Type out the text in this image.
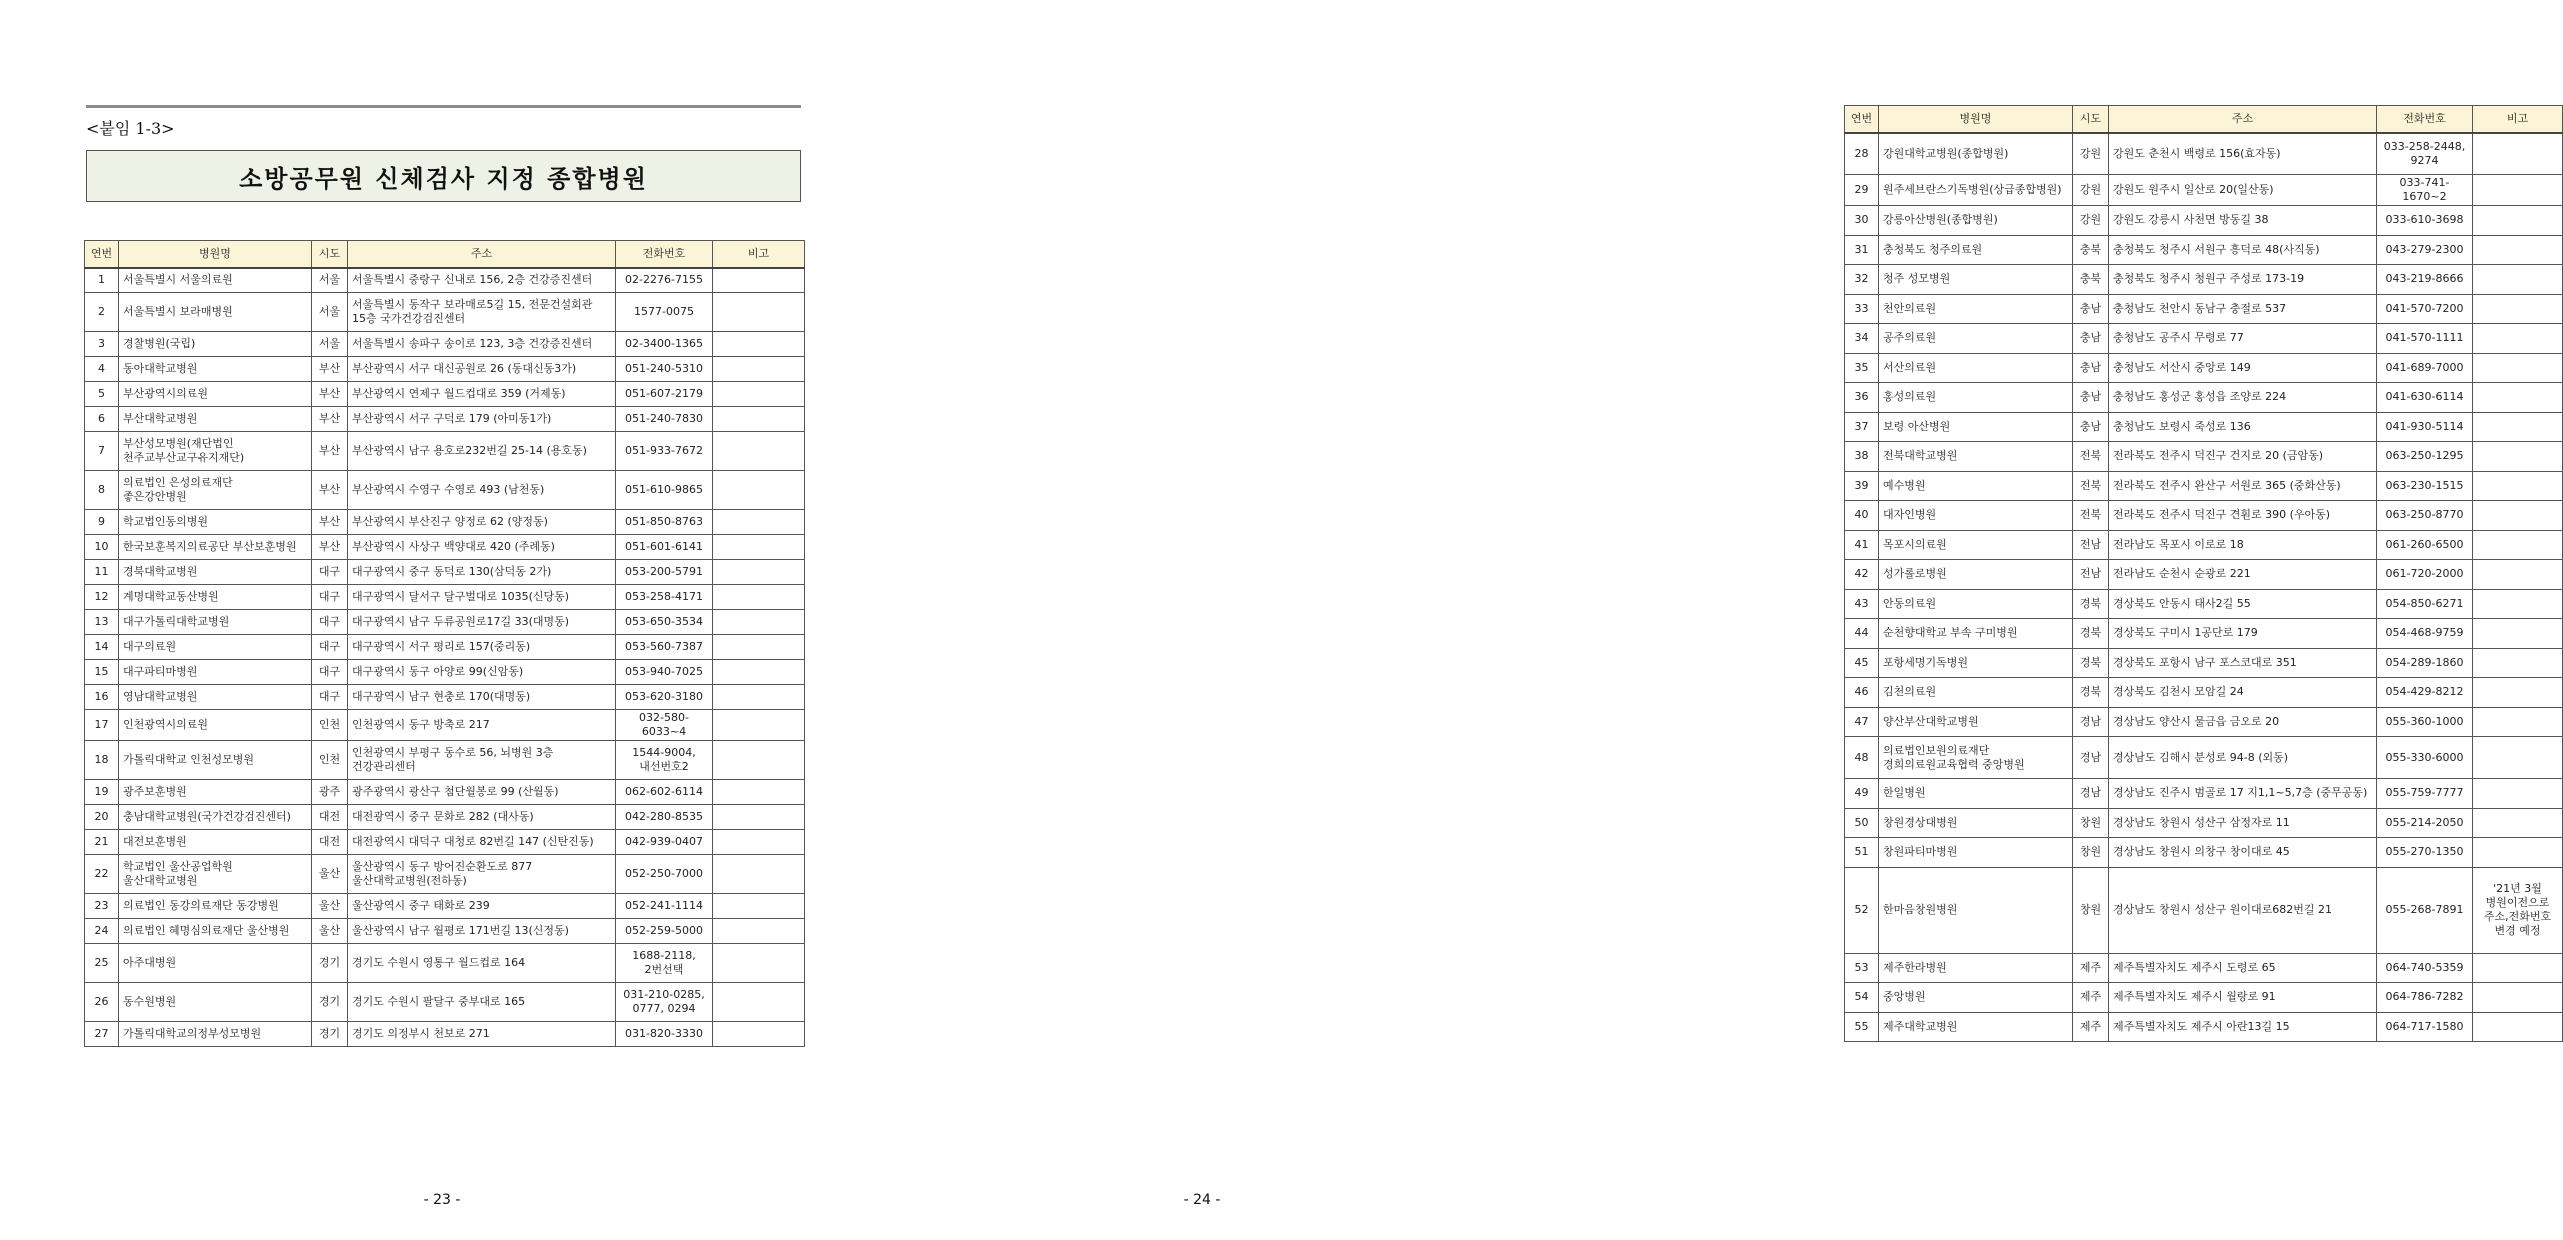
<붙임 1-3>
소방공무원 신체검사 지정 종합병원
연번	병원명	시도	주소	전화번호	비고
1	서울특별시 서울의료원	서울	서울특별시 중랑구 신내로 156, 2층 건강증진센터	02-2276-7155	
2	서울특별시 보라매병원	서울	서울특별시 동작구 보라매로5길 15, 전문건설회관
15층 국가건강검진센터	1577-0075	
3	경찰병원(국립)	서울	서울특별시 송파구 송이로 123, 3층 건강증진센터	02-3400-1365	
4	동아대학교병원	부산	부산광역시 서구 대신공원로 26 (동대신동3가)	051-240-5310	
5	부산광역시의료원	부산	부산광역시 연제구 월드컵대로 359 (거제동)	051-607-2179	
6	부산대학교병원	부산	부산광역시 서구 구덕로 179 (아미동1가)	051-240-7830	
7	부산성모병원(재단법인
천주교부산교구유지재단)	부산	부산광역시 남구 용호로232번길 25-14 (용호동)	051-933-7672	
8	의료법인 은성의료재단
좋은강안병원	부산	부산광역시 수영구 수영로 493 (남천동)	051-610-9865	
9	학교법인동의병원	부산	부산광역시 부산진구 양정로 62 (양정동)	051-850-8763	
10	한국보훈복지의료공단 부산보훈병원	부산	부산광역시 사상구 백양대로 420 (주례동)	051-601-6141	
11	경북대학교병원	대구	대구광역시 중구 동덕로 130(삼덕동 2가)	053-200-5791	
12	계명대학교동산병원	대구	대구광역시 달서구 달구벌대로 1035(신당동)	053-258-4171	
13	대구가톨릭대학교병원	대구	대구광역시 남구 두류공원로17길 33(대명동)	053-650-3534	
14	대구의료원	대구	대구광역시 서구 평리로 157(중리동)	053-560-7387	
15	대구파티마병원	대구	대구광역시 동구 아양로 99(신암동)	053-940-7025	
16	영남대학교병원	대구	대구광역시 남구 현충로 170(대명동)	053-620-3180	
17	인천광역시의료원	인천	인천광역시 동구 방축로 217	032-580-6033~4	
18	가톨릭대학교 인천성모병원	인천	인천광역시 부평구 동수로 56, 뇌병원 3층
건강관리센터	1544-9004,
내선번호2	
19	광주보훈병원	광주	광주광역시 광산구 첨단월봉로 99 (산월동)	062-602-6114	
20	충남대학교병원(국가건강검진센터)	대전	대전광역시 중구 문화로 282 (대사동)	042-280-8535	
21	대전보훈병원	대전	대전광역시 대덕구 대청로 82번길 147 (신탄진동)	042-939-0407	
22	학교법인 울산공업학원
울산대학교병원	울산	울산광역시 동구 방어진순환도로 877
울산대학교병원(전하동)	052-250-7000	
23	의료법인 동강의료재단 동강병원	울산	울산광역시 중구 태화로 239	052-241-1114	
24	의료법인 혜명심의료재단 울산병원	울산	울산광역시 남구 월평로 171번길 13(신정동)	052-259-5000	
25	아주대병원	경기	경기도 수원시 영통구 월드컵로 164	1688-2118,
2번선택	
26	동수원병원	경기	경기도 수원시 팔달구 중부대로 165	031-210-0285,
0777, 0294	
27	가톨릭대학교의정부성모병원	경기	경기도 의정부시 천보로 271	031-820-3330	
- 23 -
연번	병원명	시도	주소	전화번호	비고
28	강원대학교병원(종합병원)	강원	강원도 춘천시 백령로 156(효자동)	033-258-2448,
9274	
29	원주세브란스기독병원(상급종합병원)	강원	강원도 원주시 일산로 20(일산동)	033-741-1670~2	
30	강릉아산병원(종합병원)	강원	강원도 강릉시 사천면 방동길 38	033-610-3698	
31	충청북도 청주의료원	충북	충청북도 청주시 서원구 흥덕로 48(사직동)	043-279-2300	
32	청주 성모병원	충북	충청북도 청주시 청원구 주성로 173-19	043-219-8666	
33	천안의료원	충남	충청남도 천안시 동남구 충절로 537	041-570-7200	
34	공주의료원	충남	충청남도 공주시 무령로 77	041-570-1111	
35	서산의료원	충남	충청남도 서산시 중앙로 149	041-689-7000	
36	홍성의료원	충남	충청남도 홍성군 홍성읍 조양로 224	041-630-6114	
37	보령 아산병원	충남	충청남도 보령시 죽성로 136	041-930-5114	
38	전북대학교병원	전북	전라북도 전주시 덕진구 건지로 20 (금암동)	063-250-1295	
39	예수병원	전북	전라북도 전주시 완산구 서원로 365 (중화산동)	063-230-1515	
40	대자인병원	전북	전라북도 전주시 덕진구 견훤로 390 (우아동)	063-250-8770	
41	목포시의료원	전남	전라남도 목포시 이로로 18	061-260-6500	
42	성가롤로병원	전남	전라남도 순천시 순광로 221	061-720-2000	
43	안동의료원	경북	경상북도 안동시 태사2길 55	054-850-6271	
44	순천향대학교 부속 구미병원	경북	경상북도 구미시 1공단로 179	054-468-9759	
45	포항세명기독병원	경북	경상북도 포항시 남구 포스코대로 351	054-289-1860	
46	김천의료원	경북	경상북도 김천시 모암길 24	054-429-8212	
47	양산부산대학교병원	경남	경상남도 양산시 물금읍 금오로 20	055-360-1000	
48	의료법인보원의료재단
경희의료원교육협력 중앙병원	경남	경상남도 김해시 분성로 94-8 (외동)	055-330-6000	
49	한일병원	경남	경상남도 진주시 범골로 17 지1,1~5,7층 (중무공동)	055-759-7777	
50	창원경상대병원	창원	경상남도 창원시 성산구 삼정자로 11	055-214-2050	
51	창원파티마병원	창원	경상남도 창원시 의창구 창이대로 45	055-270-1350	
52	한마음창원병원	창원	경상남도 창원시 성산구 원이대로682번길 21	055-268-7891	'21년 3월
병원이전으로
주소,전화번호
변경 예정
53	제주한라병원	제주	제주특별자치도 제주시 도령로 65	064-740-5359	
54	중앙병원	제주	제주특별자치도 제주시 월랑로 91	064-786-7282	
55	제주대학교병원	제주	제주특별자치도 제주시 아란13길 15	064-717-1580	
- 24 -
